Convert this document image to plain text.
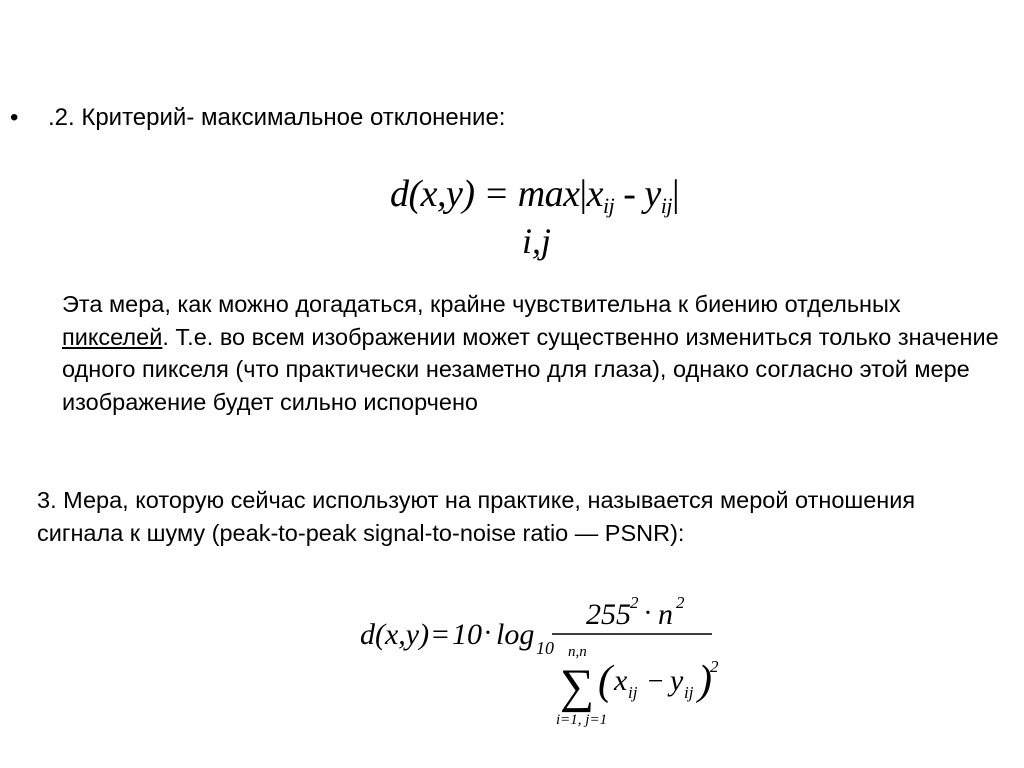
• .2. Критерий- максимальное отклонение:
$d(x,y) = \max|x_{ij} - y_{ij}|$
i,j
Эта мера, как можно догадаться, крайне чувствительна к биению отдельных пикселей. Т.е. во всем изображении может существенно измениться только значение одного пикселя (что практически незаметно для глаза), однако согласно этой мере изображение будет сильно испорчено
3. Мера, которую сейчас используют на практике, называется мерой отношения сигнала к шуму (peak-to-peak signal-to-noise ratio — PSNR):
d(x,y) = 10 · log 10
255 2 · n 2
n,n
∑
i=1, j=1
( x ij − y ij )
2
